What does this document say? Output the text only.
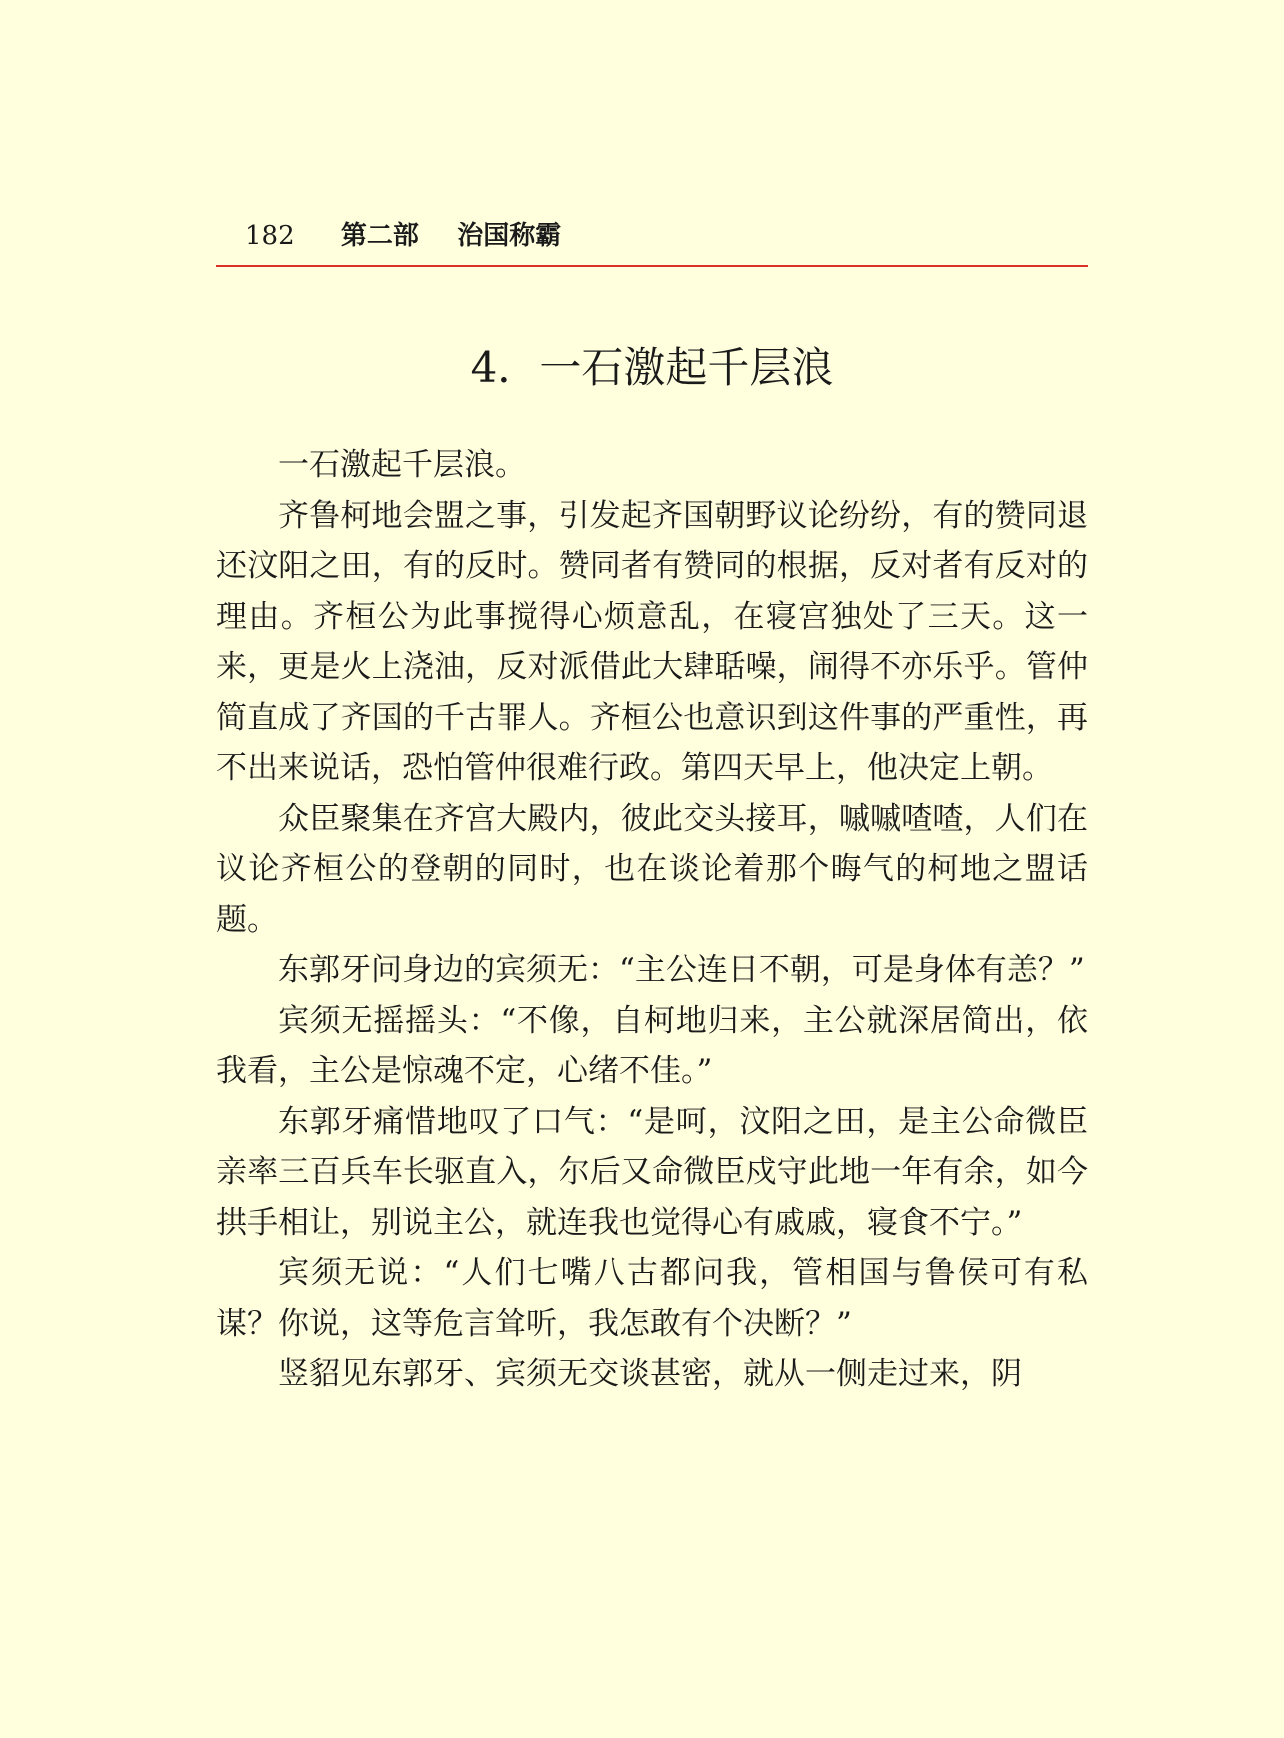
182 第二部 治国称霸
4．一石激起千层浪

一石激起千层浪。

齐鲁柯地会盟之事，引发起齐国朝野议论纷纷，有的赞同退还汶阳之田，有的反时。赞同者有赞同的根据，反对者有反对的理由。齐桓公为此事搅得心烦意乱，在寝宫独处了三天。这一来，更是火上浇油，反对派借此大肆聒噪，闹得不亦乐乎。管仲简直成了齐国的千古罪人。齐桓公也意识到这件事的严重性，再不出来说话，恐怕管仲很难行政。第四天早上，他决定上朝。

众臣聚集在齐宫大殿内，彼此交头接耳，嘁嘁喳喳，人们在议论齐桓公的登朝的同时，也在谈论着那个晦气的柯地之盟话题。

东郭牙问身边的宾须无：“主公连日不朝，可是身体有恙？”

宾须无摇摇头：“不像，自柯地归来，主公就深居简出，依我看，主公是惊魂不定，心绪不佳。”

东郭牙痛惜地叹了口气：“是呵，汶阳之田，是主公命微臣亲率三百兵车长驱直入，尔后又命微臣戍守此地一年有余，如今拱手相让，别说主公，就连我也觉得心有戚戚，寝食不宁。”

宾须无说：“人们七嘴八古都问我，管相国与鲁侯可有私谋？你说，这等危言耸听，我怎敢有个决断？”

竖貂见东郭牙、宾须无交谈甚密，就从一侧走过来，阴
